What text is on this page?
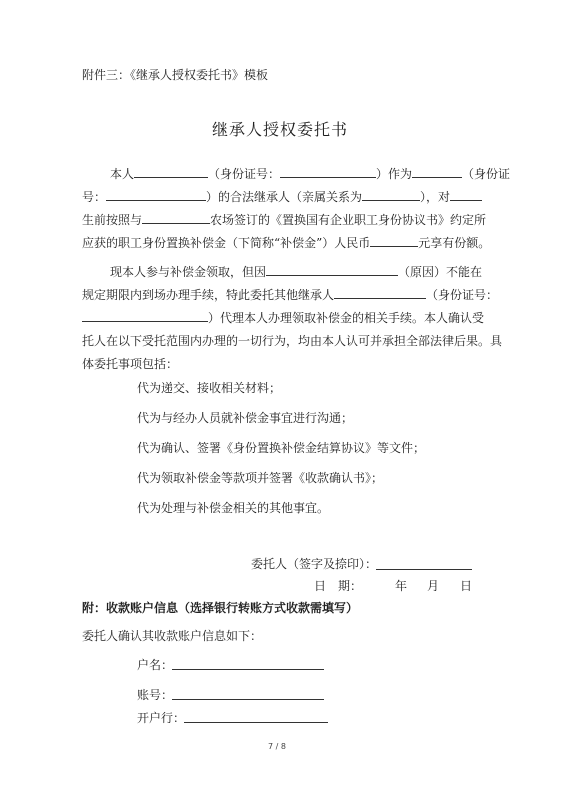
附件三：《继承人授权委托书》模板
继承人授权委托书
本人	（身份证号：	）作为	（身份证
号：	）的合法继承人（亲属关系为	），对
生前按照与	农场签订的《置换国有企业职工身份协议书》约定所
应获的职工身份置换补偿金（下简称“补偿金”）人民币	元享有份额。
现本人参与补偿金领取，但因	（原因）不能在
规定期限内到场办理手续，特此委托其他继承人	（身份证号：
）代理本人办理领取补偿金的相关手续。本人确认受
托人在以下受托范围内办理的一切行为，均由本人认可并承担全部法律后果。具
体委托事项包括：
代为递交、接收相关材料；
代为与经办人员就补偿金事宜进行沟通；
代为确认、签署《身份置换补偿金结算协议》等文件；
代为领取补偿金等款项并签署《收款确认书》；
代为处理与补偿金相关的其他事宜。
委托人（签字及捺印）：
日　期：	年 月 日
附：收款账户信息（选择银行转账方式收款需填写）
委托人确认其收款账户信息如下：
户名：
账号：
开户行：
7 / 8
